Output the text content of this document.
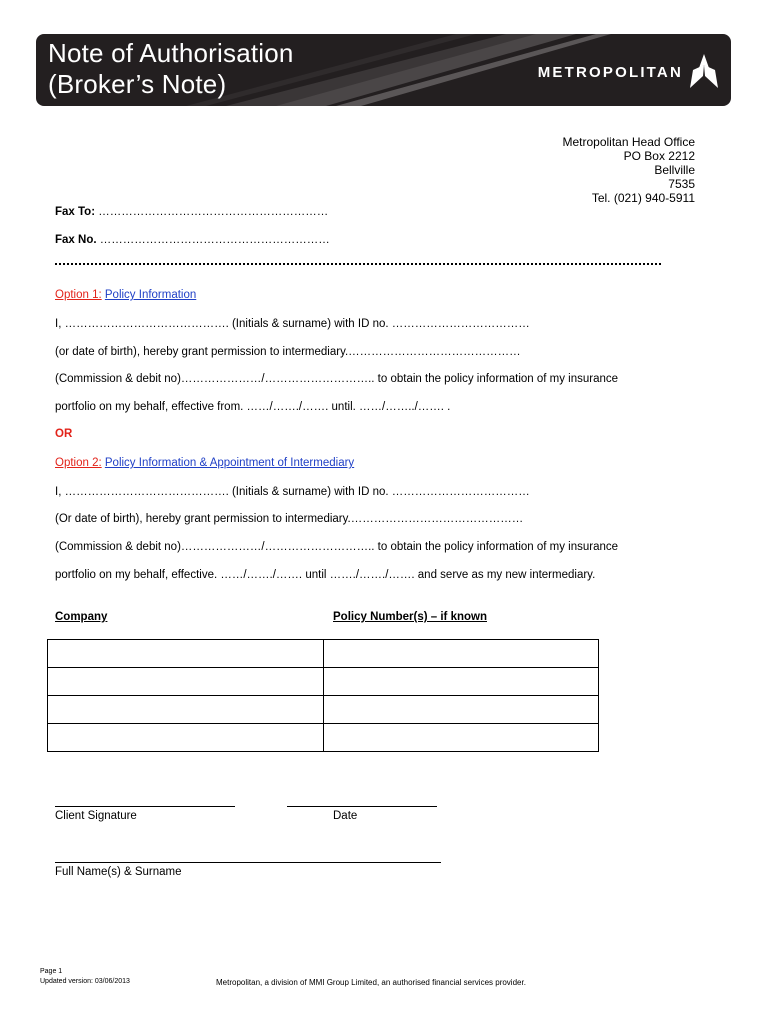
Note of Authorisation
(Broker’s Note)	METROPOLITAN
Metropolitan Head Office
PO Box 2212
Bellville
7535
Tel. (021) 940-5911
Fax To: ……………………………………………………
Fax No. ……………………………………………………
Option 1: Policy Information
I, ……………………………………. (Initials & surname) with ID no. ………………………………
(or date of birth), hereby grant permission to intermediary.………………………………………
(Commission & debit no)…………………/……………………….. to obtain the policy information of my insurance
portfolio on my behalf, effective from. ……/……./……. until. ……/……../……. .
OR
Option 2: Policy Information & Appointment of Intermediary
I, ……………………………………. (Initials & surname) with ID no. ………………………………
(Or date of birth), hereby grant permission to intermediary.………………………………………
(Commission & debit no)…………………/……………………….. to obtain the policy information of my insurance
portfolio on my behalf, effective. ……/……./……. until ……./……./……. and serve as my new intermediary.
Company	Policy Number(s) – if known

Client Signature	Date
Full Name(s) & Surname
Page 1
Updated version: 03/06/2013	Metropolitan, a division of MMI Group Limited, an authorised financial services provider.
